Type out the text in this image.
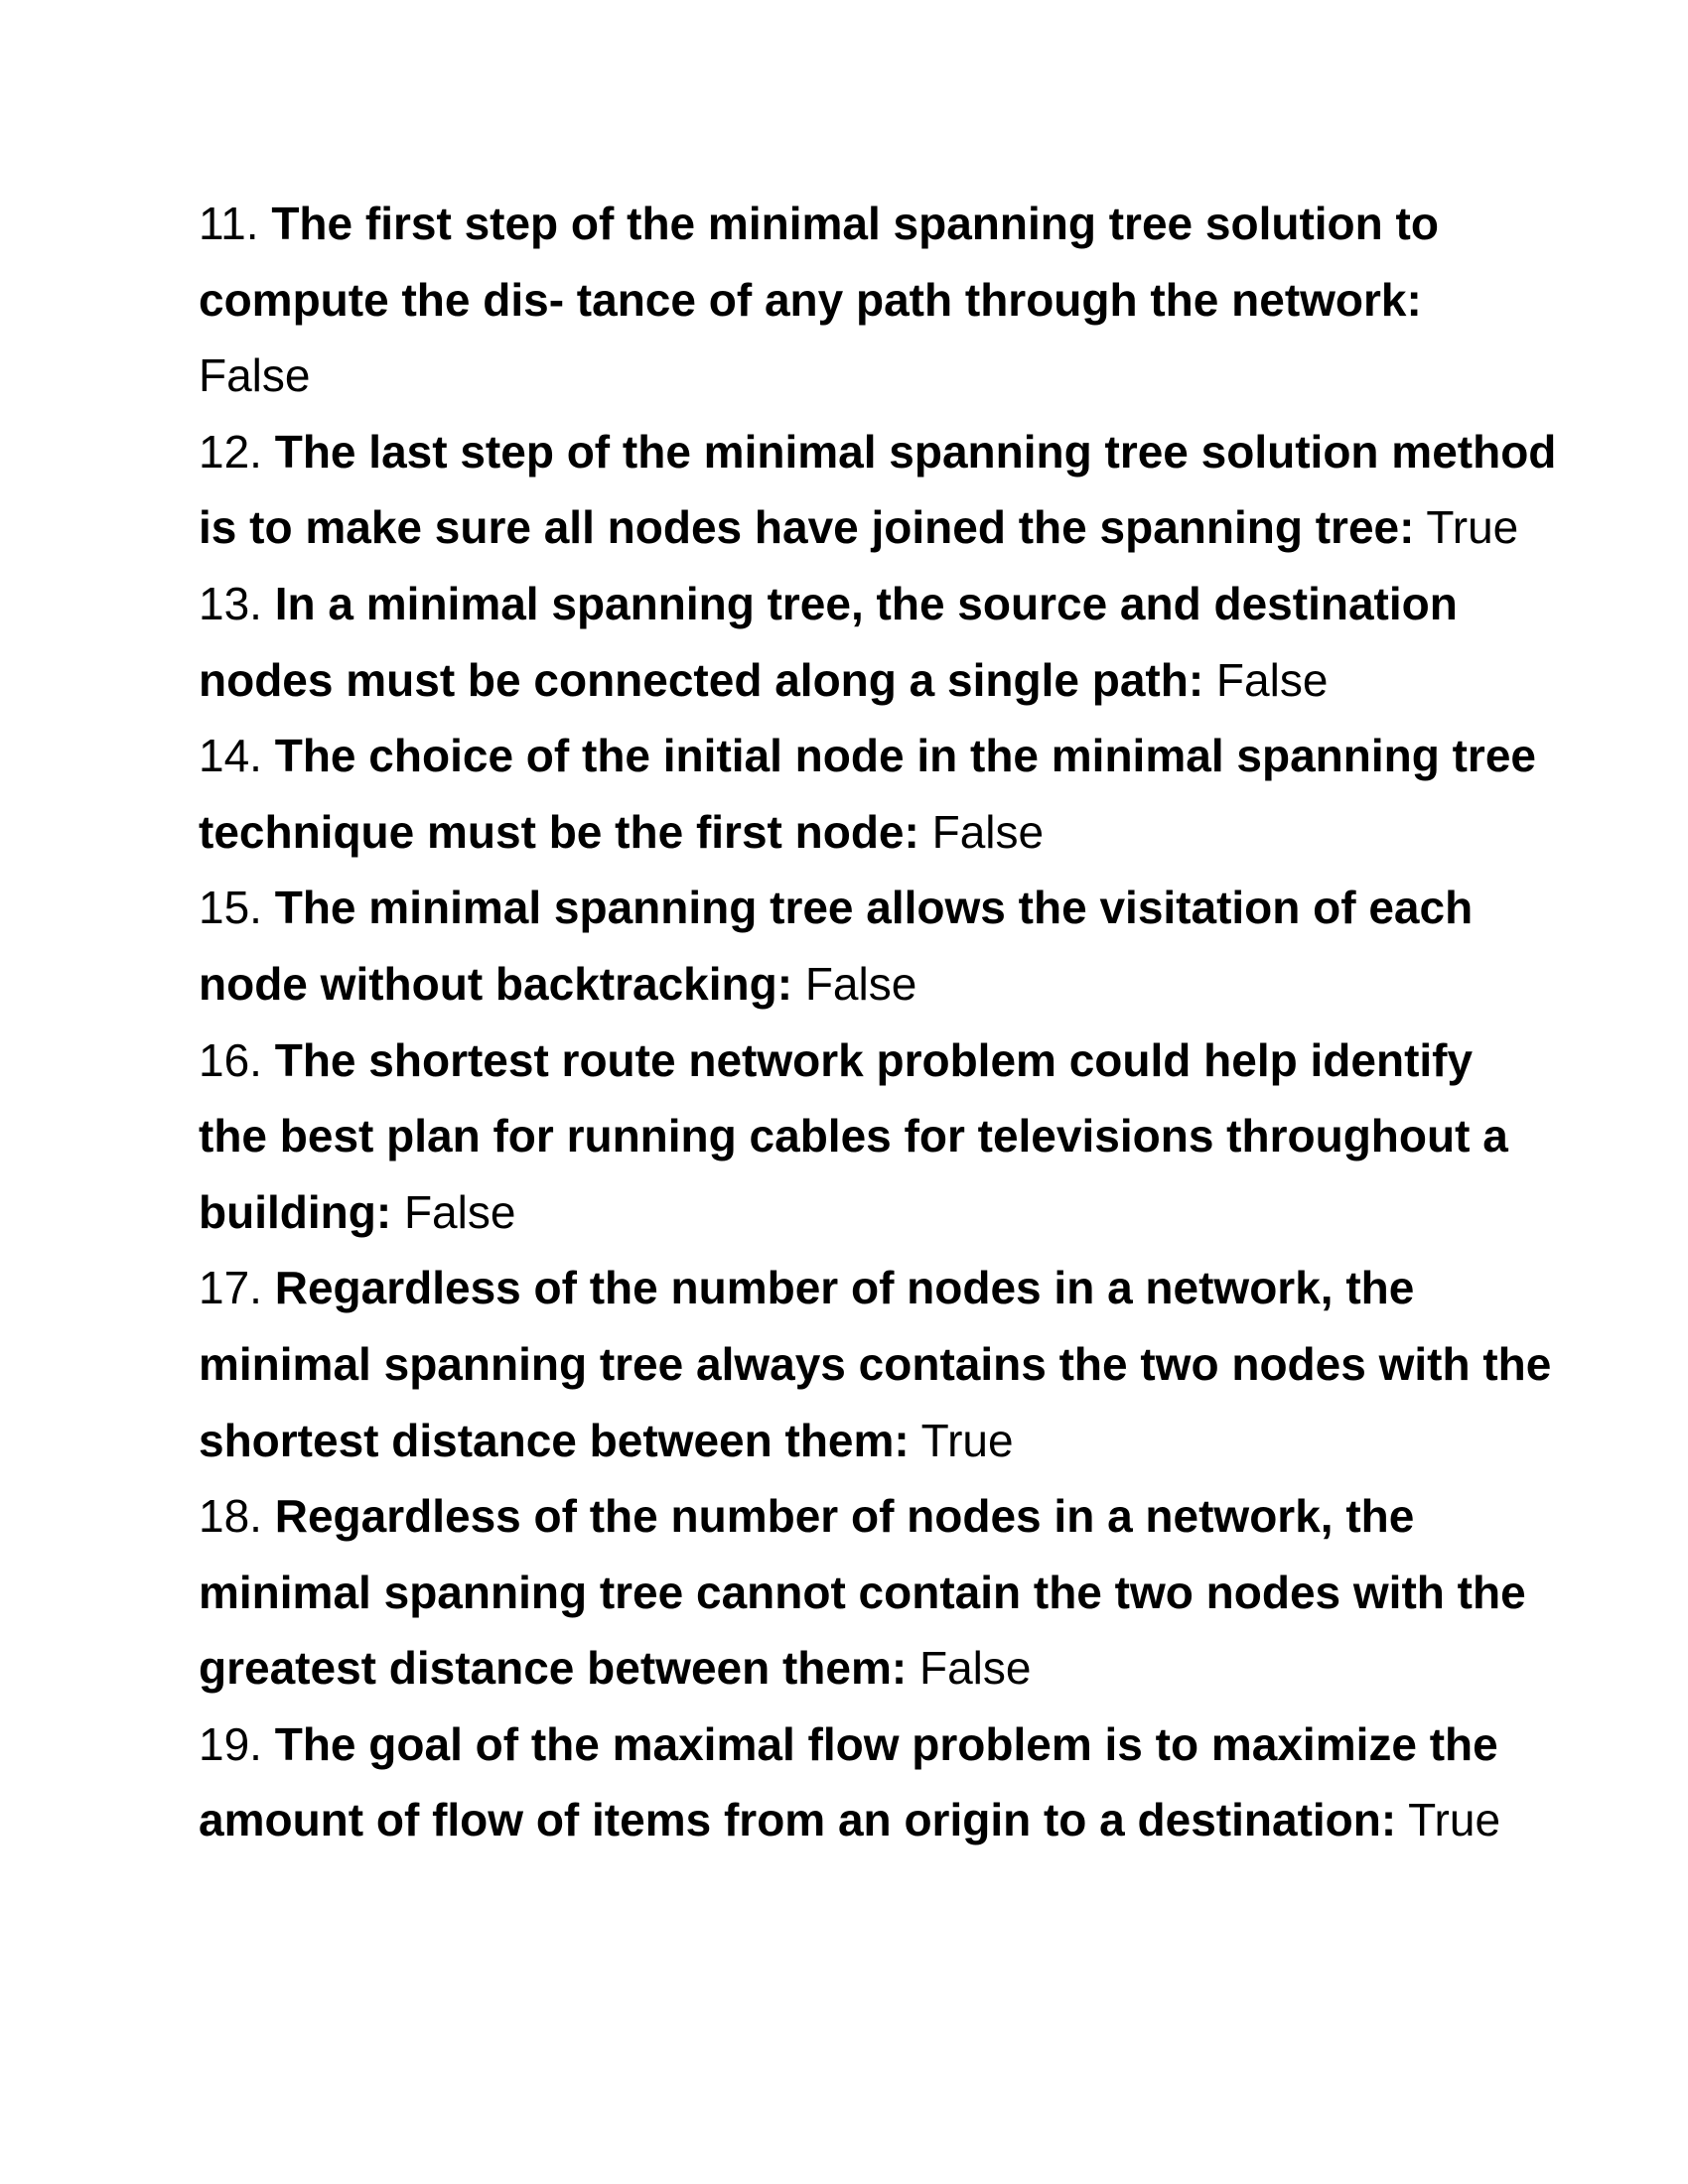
11. The first step of the minimal spanning tree solution to
compute the dis- tance of any path through the network:
False
12. The last step of the minimal spanning tree solution method
is to make sure all nodes have joined the spanning tree: True
13. In a minimal spanning tree, the source and destination
nodes must be connected along a single path: False
14. The choice of the initial node in the minimal spanning tree
technique must be the first node: False
15. The minimal spanning tree allows the visitation of each
node without backtracking: False
16. The shortest route network problem could help identify
the best plan for running cables for televisions throughout a
building: False
17. Regardless of the number of nodes in a network, the
minimal spanning tree always contains the two nodes with the
shortest distance between them: True
18. Regardless of the number of nodes in a network, the
minimal spanning tree cannot contain the two nodes with the
greatest distance between them: False
19. The goal of the maximal flow problem is to maximize the
amount of flow of items from an origin to a destination: True
